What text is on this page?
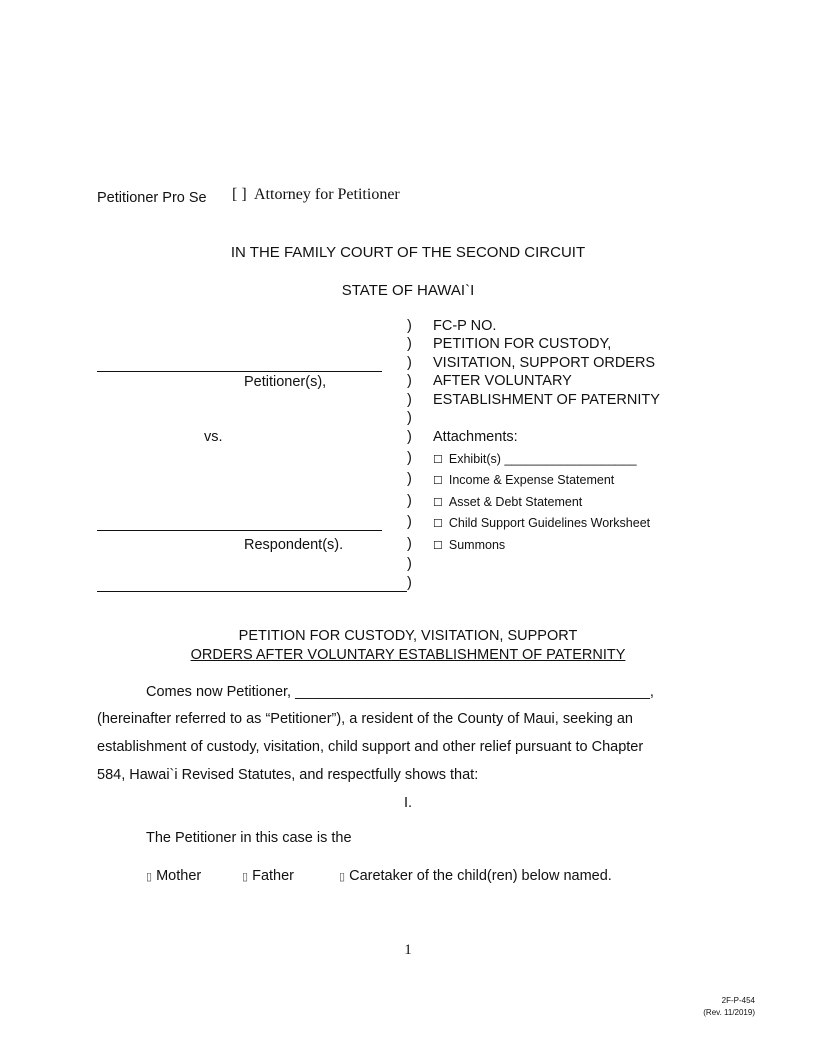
Petitioner Pro Se [ ] Attorney for Petitioner
IN THE FAMILY COURT OF THE SECOND CIRCUIT
STATE OF HAWAI`I
Petitioner(s),
vs.
Respondent(s).
)
)
)
)
)
)
)
)
)
)
)
)
)
)
FC-P NO.
PETITION FOR CUSTODY,
VISITATION, SUPPORT ORDERS
AFTER VOLUNTARY
ESTABLISHMENT OF PATERNITY
Attachments:
☐ Exhibit(s) ___________________
☐ Income & Expense Statement
☐ Asset & Debt Statement
☐ Child Support Guidelines Worksheet
☐ Summons
PETITION FOR CUSTODY, VISITATION, SUPPORT
ORDERS AFTER VOLUNTARY ESTABLISHMENT OF PATERNITY
Comes now Petitioner, ____________________________________________,
(hereinafter referred to as “Petitioner”), a resident of the County of Maui, seeking an
establishment of custody, visitation, child support and other relief pursuant to Chapter
584, Hawai`i Revised Statutes, and respectfully shows that:
I.
The Petitioner in this case is the
▯ Mother	▯ Father	▯ Caretaker of the child(ren) below named.
1
2F-P-454
(Rev. 11/2019)
